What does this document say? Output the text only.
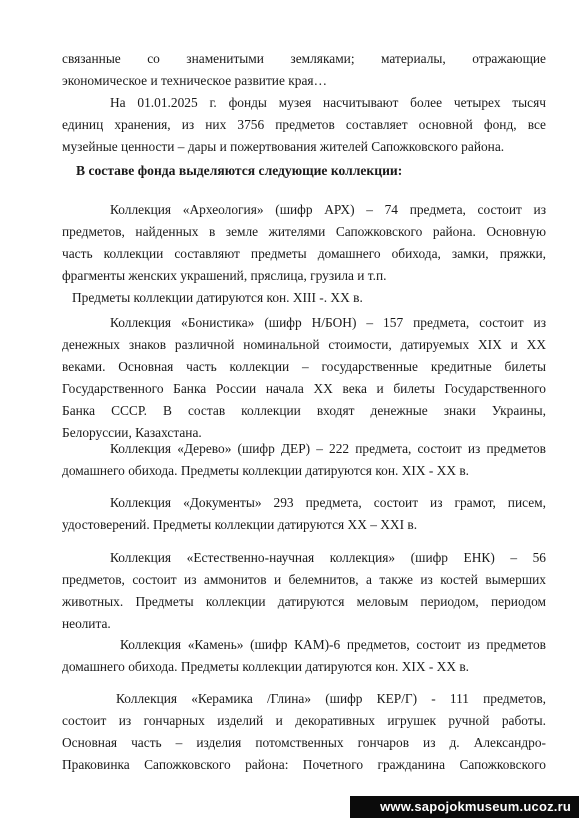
связанные со знаменитыми земляками; материалы, отражающие
экономическое и техническое развитие края…
На 01.01.2025 г. фонды музея насчитывают более четырех тысяч
единиц хранения, из них 3756 предметов составляет основной фонд, все
музейные ценности – дары и пожертвования жителей Сапожковского района.

В составе фонда выделяются следующие коллекции:

Коллекция «Археология» (шифр АРХ) – 74 предмета, состоит из
предметов, найденных в земле жителями Сапожковского района. Основную
часть коллекции составляют предметы домашнего обихода, замки, пряжки,
фрагменты женских украшений, пряслица, грузила и т.п.
Предметы коллекции датируются кон. XIII -. XX в.
Коллекция «Бонистика» (шифр Н/БОН) – 157 предмета, состоит из
денежных знаков различной номинальной стоимости, датируемых XIX и XX
веками. Основная часть коллекции – государственные кредитные билеты
Государственного Банка России начала XX века и билеты Государственного
Банка СССР. В состав коллекции входят денежные знаки Украины,
Белоруссии, Казахстана.
Коллекция «Дерево» (шифр ДЕР) – 222 предмета, состоит из предметов
домашнего обихода. Предметы коллекции датируются кон. XIX - XX в.
Коллекция «Документы» 293 предмета, состоит из грамот, писем,
удостоверений. Предметы коллекции датируются XX – XXI в.
Коллекция «Естественно-научная коллекция» (шифр ЕНК) – 56
предметов, состоит из аммонитов и белемнитов, а также из костей вымерших
животных. Предметы коллекции датируются меловым периодом, периодом
неолита.
Коллекция «Камень» (шифр КАМ)-6 предметов, состоит из предметов
домашнего обихода. Предметы коллекции датируются кон. XIX - XX в.
Коллекция «Керамика /Глина» (шифр КЕР/Г) - 111 предметов,
состоит из гончарных изделий и декоративных игрушек ручной работы.
Основная часть – изделия потомственных гончаров из д. Александро-
Праковинка Сапожковского района: Почетного гражданина Сапожковского
www.sapojokmuseum.ucoz.ru
